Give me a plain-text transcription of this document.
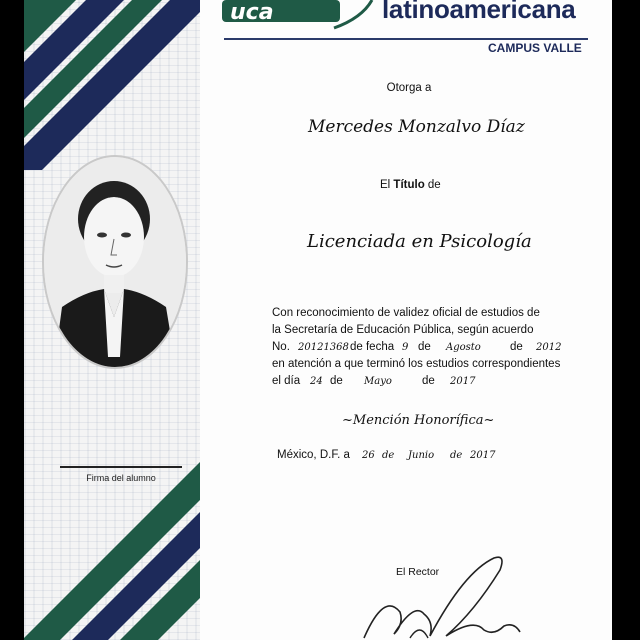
Firma del alumno
uca	latinoamericana
CAMPUS VALLE
Otorga a
Mercedes Monzalvo Díaz
El Título de
Licenciada en Psicología
Con reconocimiento de validez oficial de estudios de
la Secretaría de Educación Pública, según acuerdo
No. 20121368 de fecha 9 de Agosto	de 2012
en atención a que terminó los estudios correspondientes
el día 24 de Mayo	de 2017
~Mención Honorífica~
México, D.F. a 26 de Junio de 2017
El Rector
